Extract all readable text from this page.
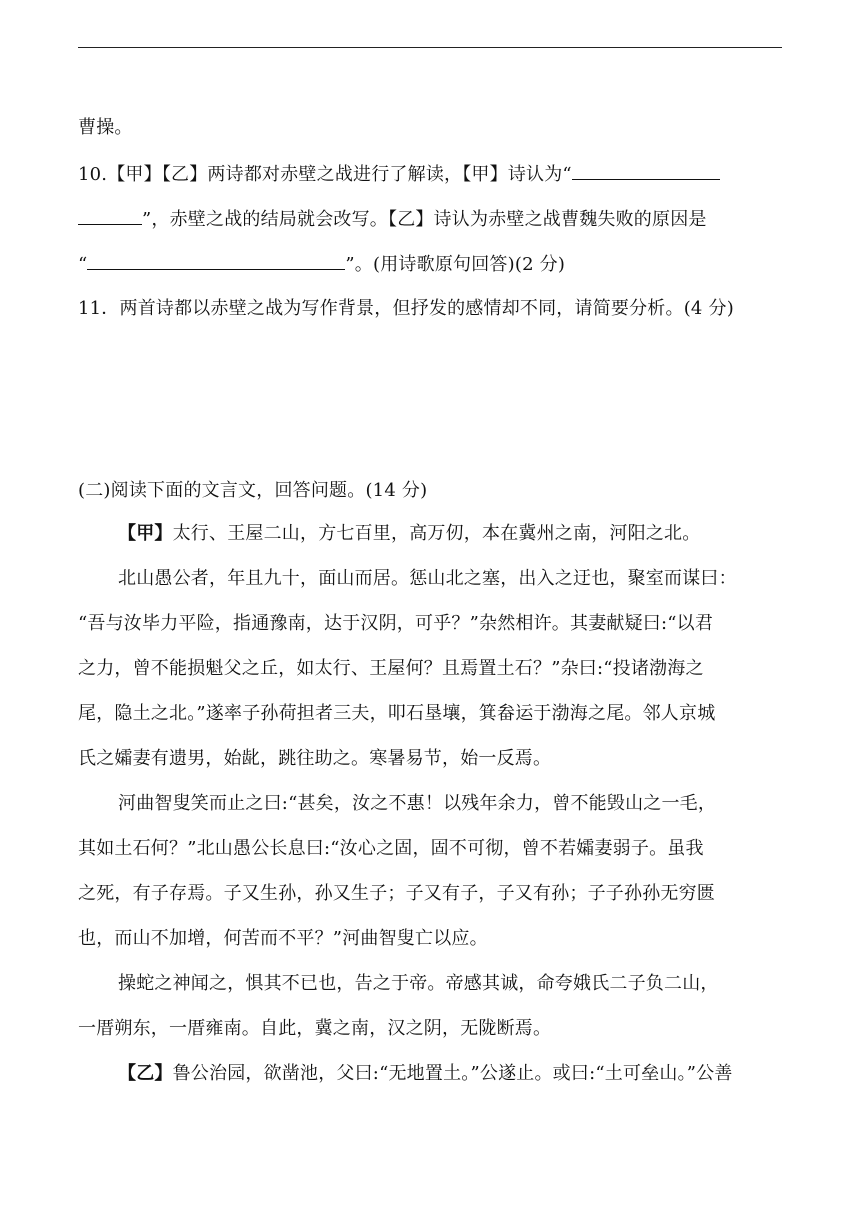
曹操。
10.【甲】【乙】两诗都对赤壁之战进行了解读，【甲】诗认为“
”，赤壁之战的结局就会改写。【乙】诗认为赤壁之战曹魏失败的原因是
“	”。(用诗歌原句回答)(2 分)
11．两首诗都以赤壁之战为写作背景，但抒发的感情却不同，请简要分析。(4 分)
(二)阅读下面的文言文，回答问题。(14 分)
【甲】太行、王屋二山，方七百里，高万仞，本在冀州之南，河阳之北。
北山愚公者，年且九十，面山而居。惩山北之塞，出入之迂也，聚室而谋曰：
“吾与汝毕力平险，指通豫南，达于汉阴，可乎？”杂然相许。其妻献疑曰:“以君
之力，曾不能损魁父之丘，如太行、王屋何？且焉置土石？”杂曰:“投诸渤海之
尾，隐土之北。”遂率子孙荷担者三夫，叩石垦壤，箕畚运于渤海之尾。邻人京城
氏之孀妻有遗男，始龀，跳往助之。寒暑易节，始一反焉。
河曲智叟笑而止之曰:“甚矣，汝之不惠！以残年余力，曾不能毁山之一毛，
其如土石何？”北山愚公长息曰:“汝心之固，固不可彻，曾不若孀妻弱子。虽我
之死，有子存焉。子又生孙，孙又生子；子又有子，子又有孙；子子孙孙无穷匮
也，而山不加增，何苦而不平？”河曲智叟亡以应。
操蛇之神闻之，惧其不已也，告之于帝。帝感其诚，命夸娥氏二子负二山，
一厝朔东，一厝雍南。自此，冀之南，汉之阴，无陇断焉。
【乙】鲁公治园，欲凿池，父曰:“无地置土。”公遂止。或曰:“土可垒山。”公善
